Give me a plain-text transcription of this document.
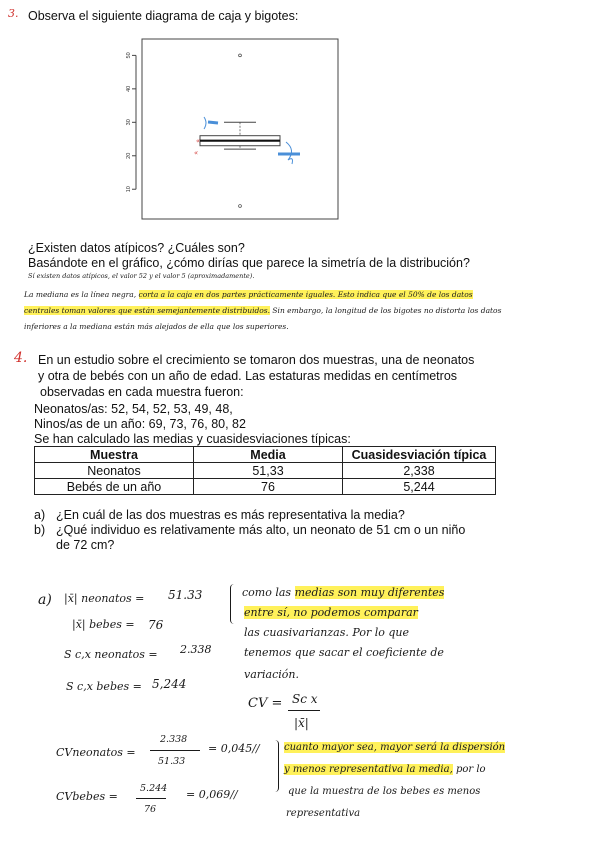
3. Observa el siguiente diagrama de caja y bigotes:
10
20
30
40
50
«
«
¿Existen datos atípicos? ¿Cuáles son?
Basándote en el gráfico, ¿cómo dirías que parece la simetría de la distribución?
Sí existen datos atípicos, el valor 52 y el valor 5 (aproximadamente).
La mediana es la línea negra, corta a la caja en dos partes prácticamente iguales. Esto indica que el 50% de los datos
centrales toman valores que están semejantemente distribuidos. Sin embargo, la longitud de los bigotes no distorta los datos
inferiores a la mediana están más alejados de ella que los superiores.
4. En un estudio sobre el crecimiento se tomaron dos muestras, una de neonatos
y otra de bebés con un año de edad. Las estaturas medidas en centímetros
observadas en cada muestra fueron:
Neonatos/as: 52, 54, 52, 53, 49, 48,
Ninos/as de un año: 69, 73, 76, 80, 82
Se han calculado las medias y cuasidesviaciones típicas:
Muestra	Media	Cuasidesviación típica
Neonatos	51,33	2,338
Bebés de un año	76	5,244
a) ¿En cuál de las dos muestras es más representativa la media?
b) ¿Qué individuo es relativamente más alto, un neonato de 51 cm o un niño
de 72 cm?
a) |x̄| neonatos = 51.33
|x̄| bebes = 76
S c,x neonatos = 2.338
S c,x bebes = 5,244
como las medias son muy diferentes
entre sí, no podemos comparar
las cuasivarianzas. Por lo que
tenemos que sacar el coeficiente de
variación.
CV = Sc x
|x̄|
CVneonatos =
2.338
51.33
= 0,045//
CVbebes =
5.244
76
= 0,069//
cuanto mayor sea, mayor será la dispersión
y menos representativa la media, por lo
que la muestra de los bebes es menos
representativa
